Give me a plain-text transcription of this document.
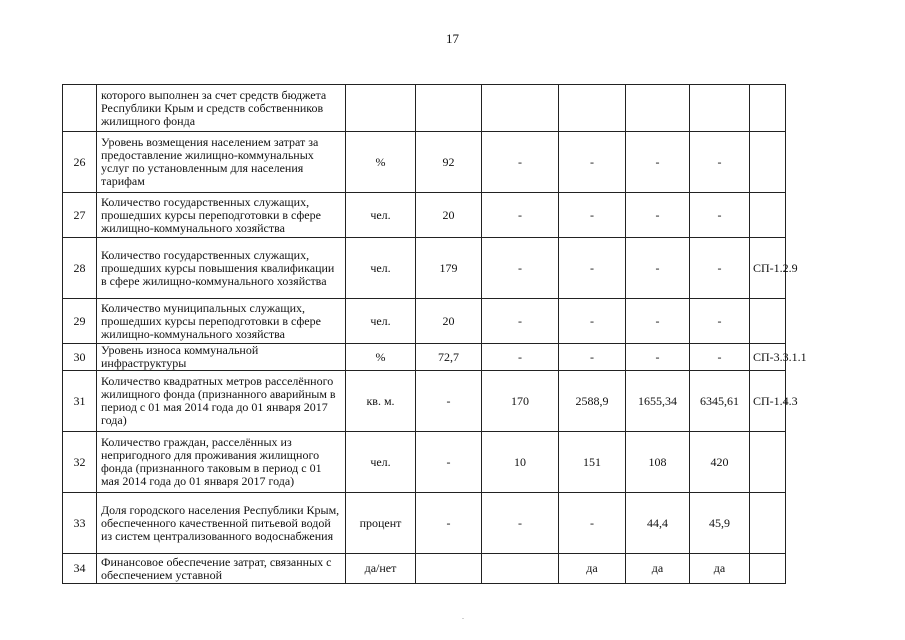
17
	которого выполнен за счет средств бюджета Республики Крым и средств собственников жилищного фонда							
26	Уровень возмещения населением затрат за предоставление жилищно-коммунальных услуг по установленным для населения тарифам	%	92	-	-	-	-	
27	Количество государственных служащих, прошедших курсы переподготовки в сфере жилищно-коммунального хозяйства	чел.	20	-	-	-	-	
28	Количество государственных служащих, прошедших курсы повышения квалификации в сфере жилищно-коммунального хозяйства	чел.	179	-	-	-	-	СП-1.2.9
29	Количество муниципальных служащих, прошедших курсы переподготовки в сфере жилищно-коммунального хозяйства	чел.	20	-	-	-	-	
30	Уровень износа коммунальной инфраструктуры	%	72,7	-	-	-	-	СП-3.3.1.1
31	Количество квадратных метров расселённого жилищного фонда (признанного аварийным в период с 01 мая 2014 года до 01 января 2017 года)	кв. м.	-	170	2588,9	1655,34	6345,61	СП-1.4.3
32	Количество граждан, расселённых из непригодного для проживания жилищного фонда (признанного таковым в период с 01 мая 2014 года до 01 января 2017 года)	чел.	-	10	151	108	420	
33	Доля городского населения Республики Крым, обеспеченного качественной питьевой водой из систем централизованного водоснабжения	процент	-	-	-	44,4	45,9	
34	Финансовое обеспечение затрат, связанных с обеспечением уставной	да/нет			да	да	да	
.
